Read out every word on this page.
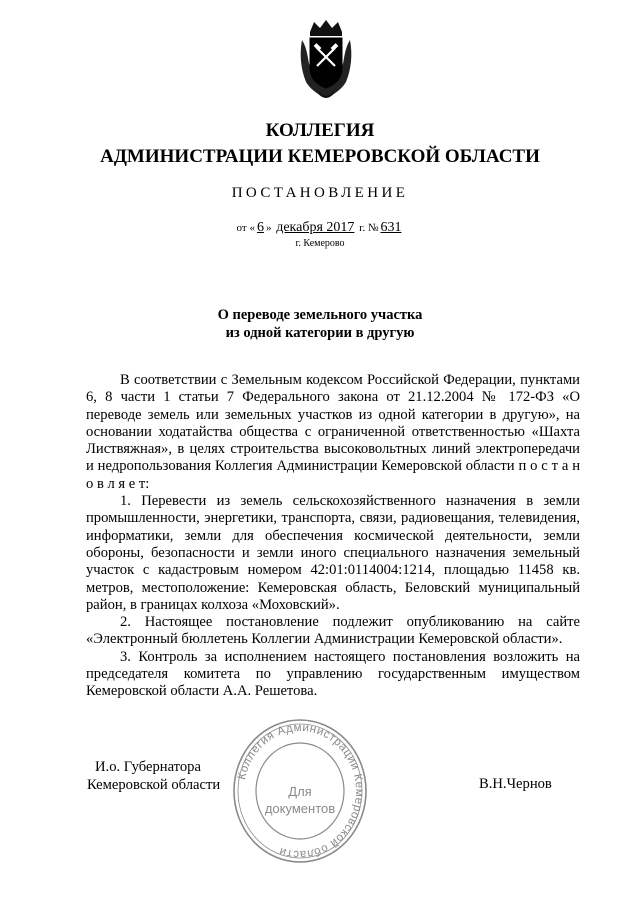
КОЛЛЕГИЯ
АДМИНИСТРАЦИИ КЕМЕРОВСКОЙ ОБЛАСТИ
ПОСТАНОВЛЕНИЕ
от « 6 » декабря 2017 г. № 631
г. Кемерово
О переводе земельного участка
из одной категории в другую

В соответствии с Земельным кодексом Российской Федерации, пунктами 6, 8 части 1 статьи 7 Федерального закона от 21.12.2004 № 172-ФЗ «О переводе земель или земельных участков из одной категории в другую», на основании ходатайства общества с ограниченной ответственностью «Шахта Листвяжная», в целях строительства высоковольтных линий электропередачи и недропользования Коллегия Администрации Кемеровской области п о с т а н о в л я е т:

1. Перевести из земель сельскохозяйственного назначения в земли промышленности, энергетики, транспорта, связи, радиовещания, телевидения, информатики, земли для обеспечения космической деятельности, земли обороны, безопасности и земли иного специального назначения земельный участок с кадастровым номером 42:01:0114004:1214, площадью 11458 кв. метров, местоположение: Кемеровская область, Беловский муниципальный район, в границах колхоза «Моховский».

2. Настоящее постановление подлежит опубликованию на сайте «Электронный бюллетень Коллегии Администрации Кемеровской области».

3. Контроль за исполнением настоящего постановления возложить на председателя комитета по управлению государственным имуществом Кемеровской области А.А. Решетова.

И.о. Губернатора
Кемеровской области
Коллегия Администрации Кемеровской области
Для
документов
В.Н.Чернов
